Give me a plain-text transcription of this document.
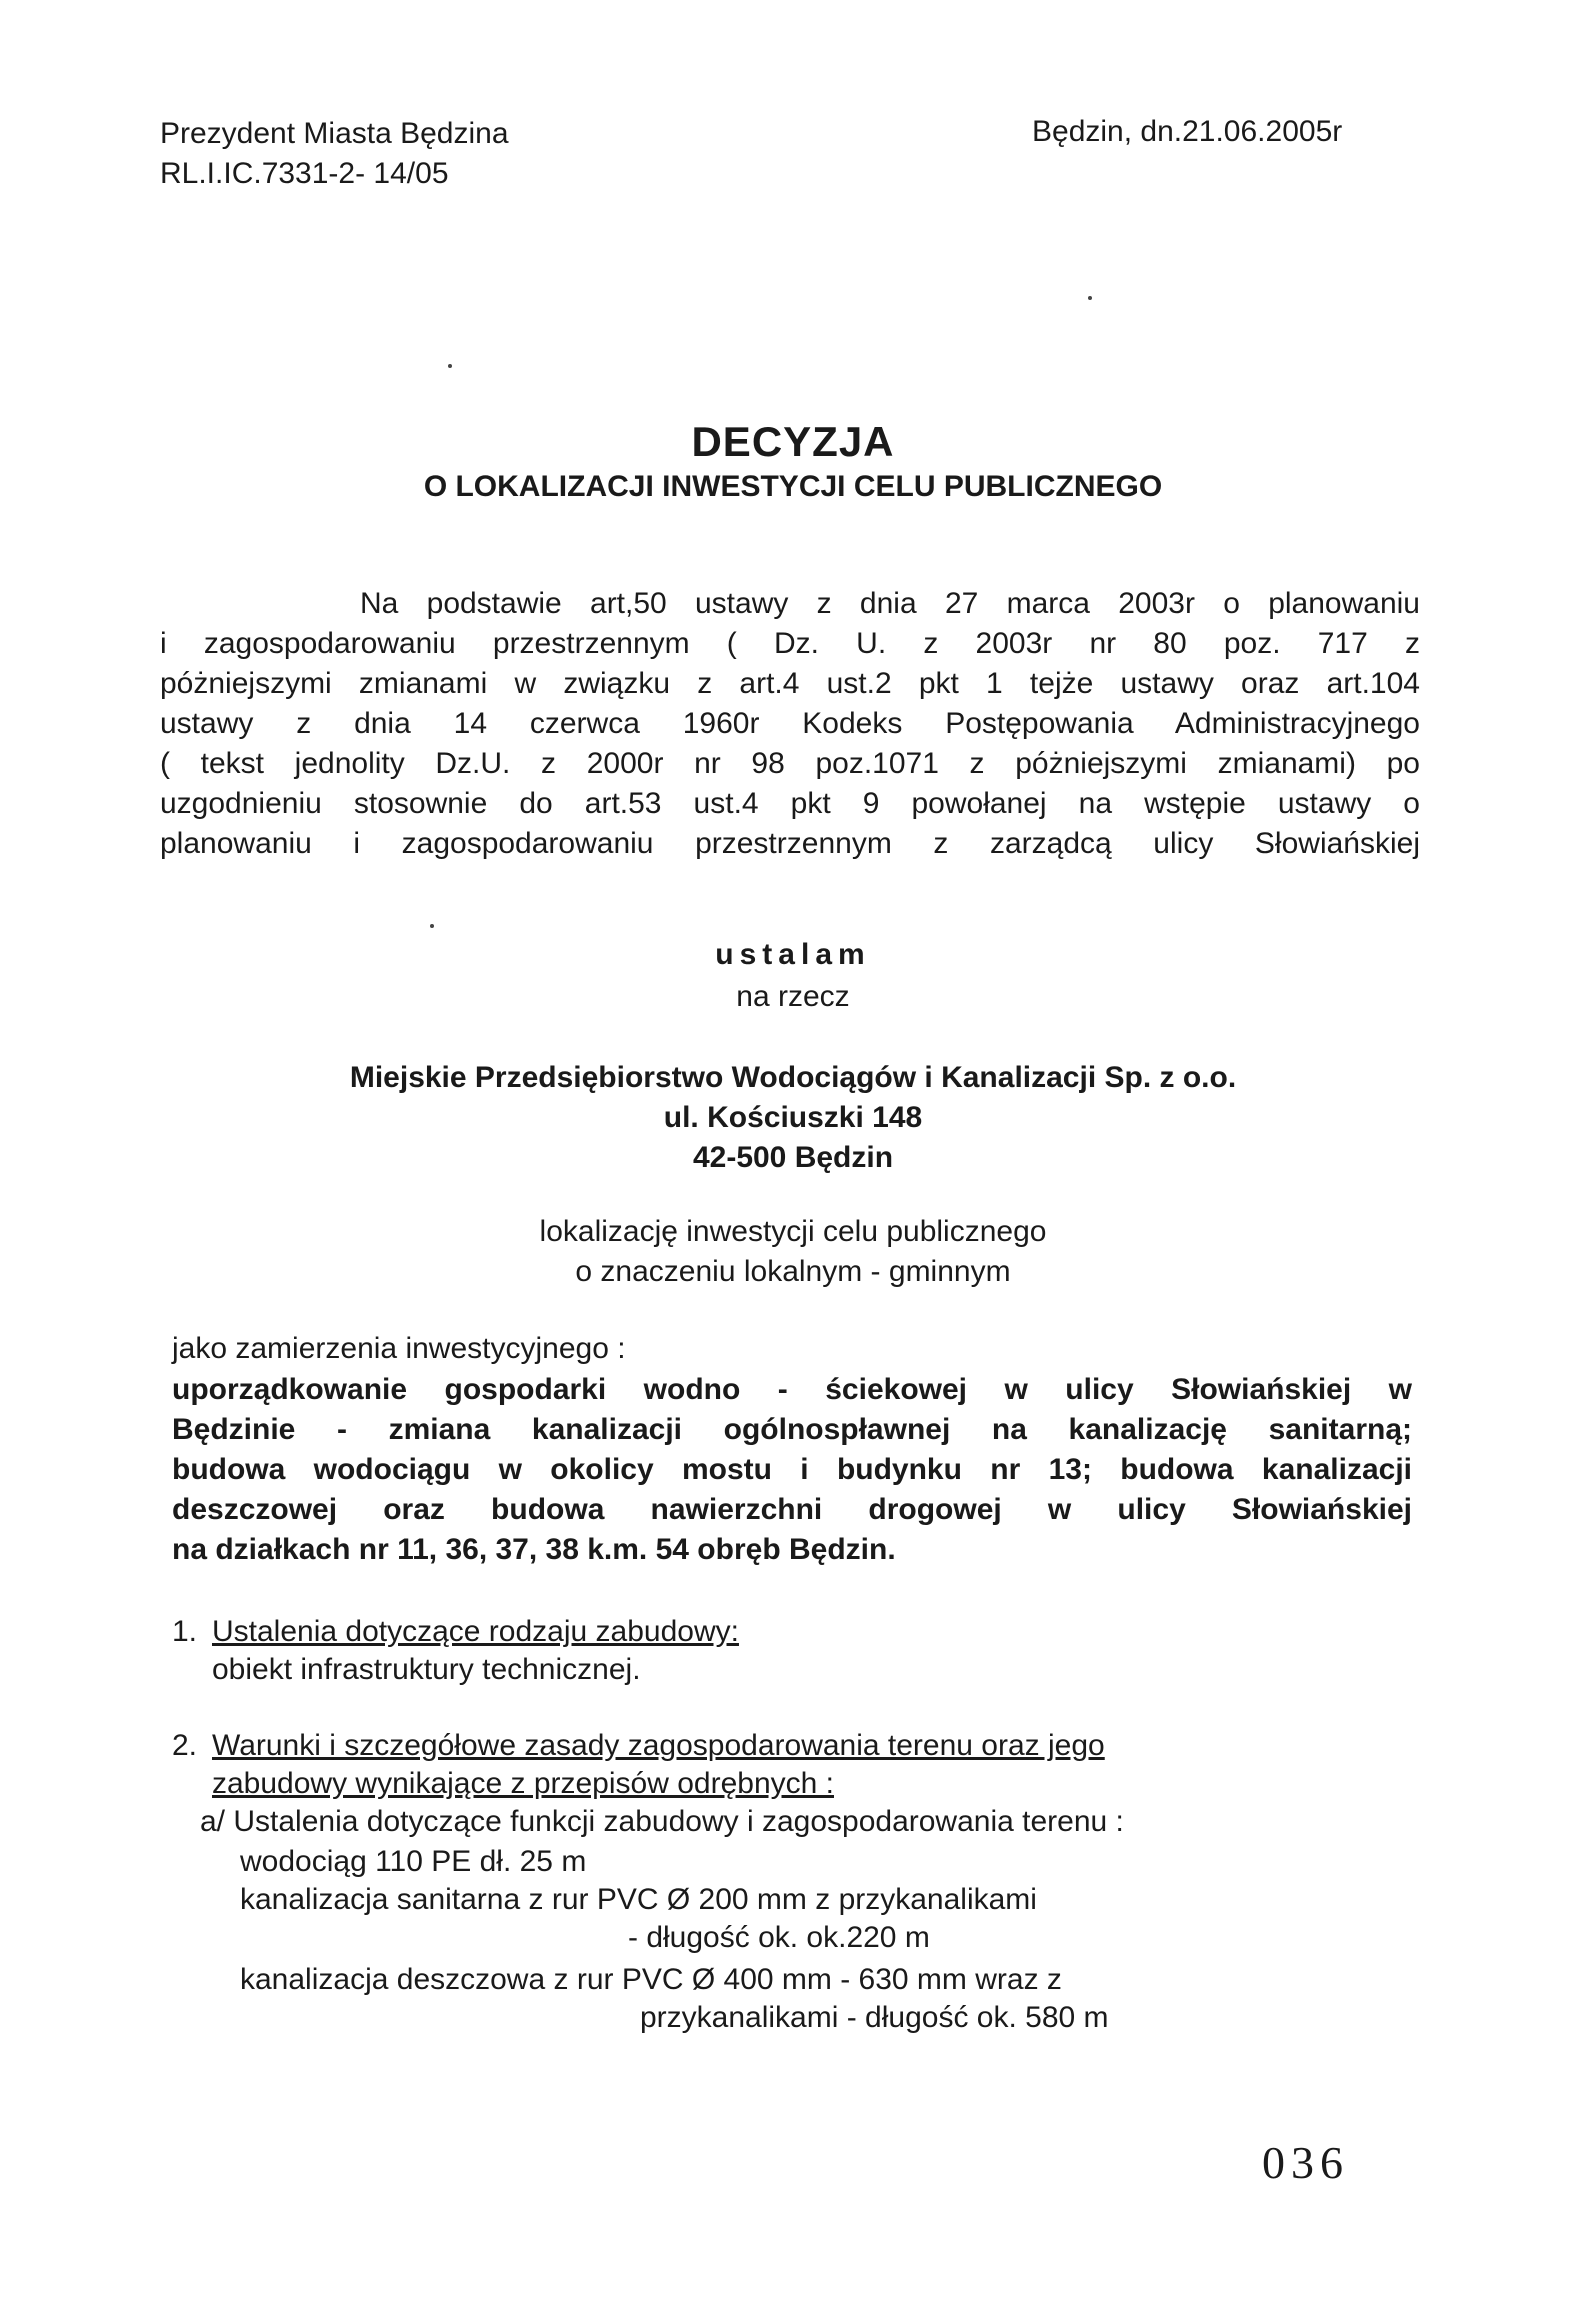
Prezydent Miasta Będzina
RL.I.IC.7331-2- 14/05
Będzin, dn.21.06.2005r
DECYZJA
O LOKALIZACJI INWESTYCJI CELU PUBLICZNEGO
Na podstawie art,50 ustawy z dnia 27 marca 2003r o planowaniu
i zagospodarowaniu przestrzennym ( Dz. U. z 2003r nr 80 poz. 717 z
póżniejszymi zmianami w związku z art.4 ust.2 pkt 1 tejże ustawy oraz art.104
ustawy z dnia 14 czerwca 1960r Kodeks Postępowania Administracyjnego
( tekst jednolity Dz.U. z 2000r nr 98 poz.1071 z póżniejszymi zmianami) po
uzgodnieniu stosownie do art.53 ust.4 pkt 9 powołanej na wstępie ustawy o
planowaniu i zagospodarowaniu przestrzennym z zarządcą ulicy Słowiańskiej
ustalam
na rzecz
Miejskie Przedsiębiorstwo Wodociągów i Kanalizacji Sp. z o.o.
ul. Kościuszki 148
42-500 Będzin
lokalizację inwestycji celu publicznego
o znaczeniu lokalnym - gminnym
jako zamierzenia inwestycyjnego :
uporządkowanie gospodarki wodno - ściekowej w ulicy Słowiańskiej w
Będzinie - zmiana kanalizacji ogólnospławnej na kanalizację sanitarną;
budowa wodociągu w okolicy mostu i budynku nr 13; budowa kanalizacji
deszczowej oraz budowa nawierzchni drogowej w ulicy Słowiańskiej
na działkach nr 11, 36, 37, 38 k.m. 54 obręb Będzin.
1. Ustalenia dotyczące rodzaju zabudowy:
obiekt infrastruktury technicznej.
2. Warunki i szczegółowe zasady zagospodarowania terenu oraz jego
zabudowy wynikające z przepisów odrębnych :
a/ Ustalenia dotyczące funkcji zabudowy i zagospodarowania terenu :
wodociąg 110 PE dł. 25 m
kanalizacja sanitarna z rur PVC Ø 200 mm z przykanalikami
- długość ok. ok.220 m
kanalizacja deszczowa z rur PVC Ø 400 mm - 630 mm wraz z
przykanalikami - długość ok. 580 m
036
